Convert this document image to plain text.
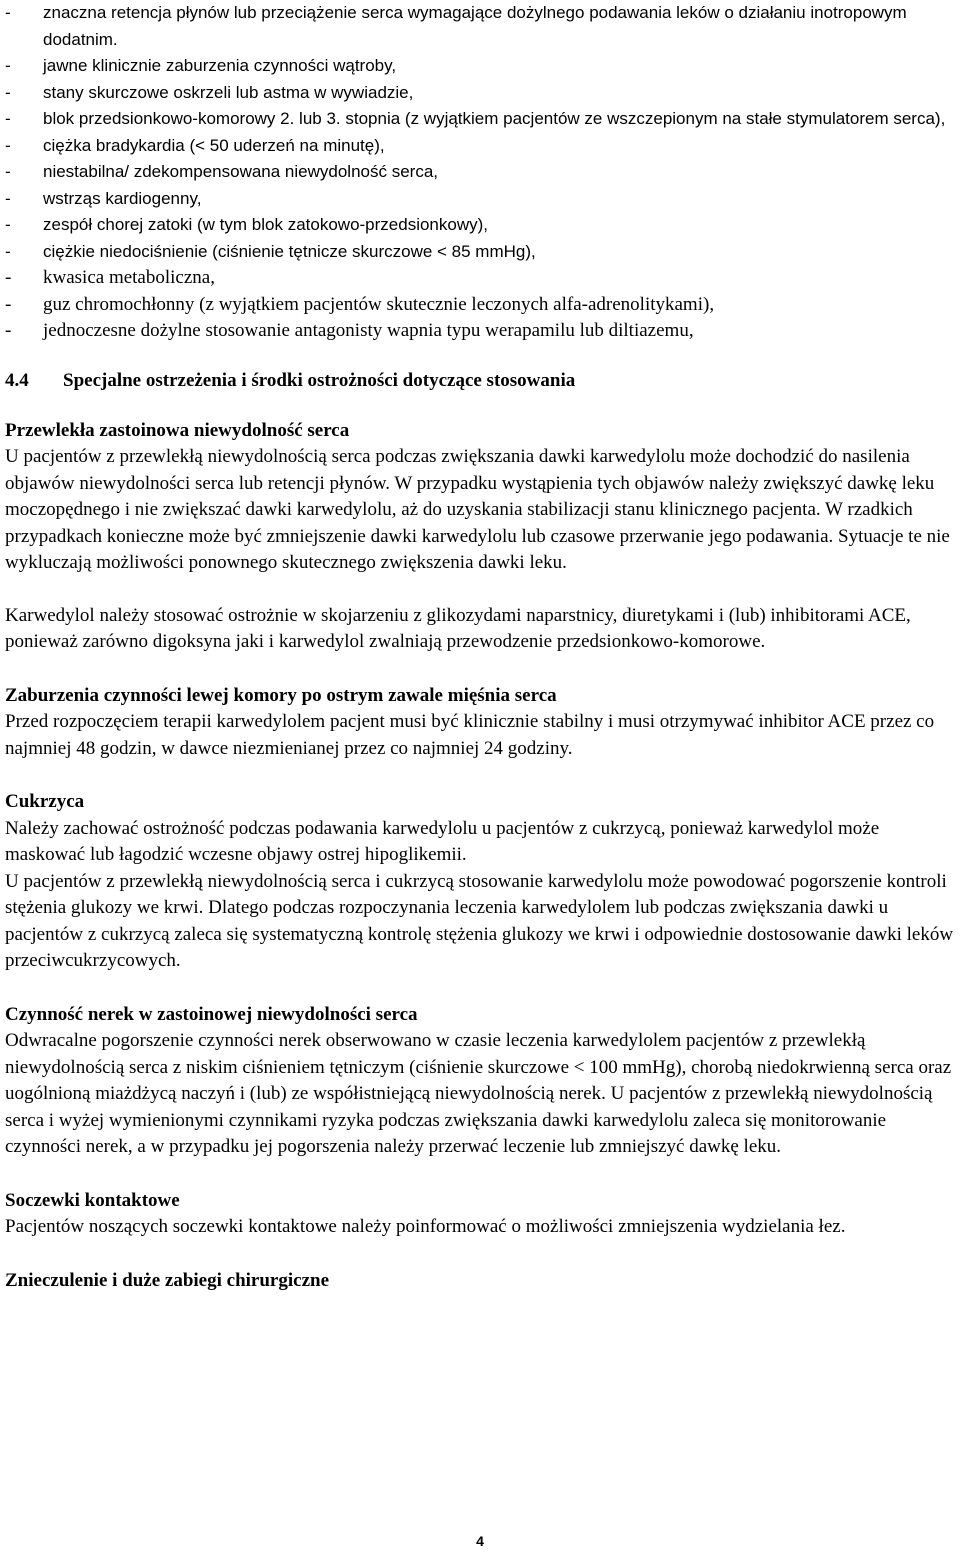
- znaczna retencja płynów lub przeciążenie serca wymagające dożylnego podawania leków o działaniu inotropowym dodatnim.
- jawne klinicznie zaburzenia czynności wątroby,
- stany skurczowe oskrzeli lub astma w wywiadzie,
- blok przedsionkowo-komorowy 2. lub 3. stopnia (z wyjątkiem pacjentów ze wszczepionym na stałe stymulatorem serca),
- ciężka bradykardia (< 50 uderzeń na minutę),
- niestabilna/ zdekompensowana niewydolność serca,
- wstrząs kardiogenny,
- zespół chorej zatoki (w tym blok zatokowo-przedsionkowy),
- ciężkie niedociśnienie (ciśnienie tętnicze skurczowe < 85 mmHg),
- kwasica metaboliczna,
- guz chromochłonny (z wyjątkiem pacjentów skutecznie leczonych alfa-adrenolitykami),
- jednoczesne dożylne stosowanie antagonisty wapnia typu werapamilu lub diltiazemu,
4.4 Specjalne ostrzeżenia i środki ostrożności dotyczące stosowania
Przewlekła zastoinowa niewydolność serca
U pacjentów z przewlekłą niewydolnością serca podczas zwiększania dawki karwedylolu może dochodzić do nasilenia objawów niewydolności serca lub retencji płynów. W przypadku wystąpienia tych objawów należy zwiększyć dawkę leku moczopędnego i nie zwiększać dawki karwedylolu, aż do uzyskania stabilizacji stanu klinicznego pacjenta. W rzadkich przypadkach konieczne może być zmniejszenie dawki karwedylolu lub czasowe przerwanie jego podawania. Sytuacje te nie wykluczają możliwości ponownego skutecznego zwiększenia dawki leku.
Karwedylol należy stosować ostrożnie w skojarzeniu z glikozydami naparstnicy, diuretykami i (lub) inhibitorami ACE, ponieważ zarówno digoksyna jaki i karwedylol zwalniają przewodzenie przedsionkowo-komorowe.
Zaburzenia czynności lewej komory po ostrym zawale mięśnia serca
Przed rozpoczęciem terapii karwedylolem pacjent musi być klinicznie stabilny i musi otrzymywać inhibitor ACE przez co najmniej 48 godzin, w dawce niezmienianej przez co najmniej 24 godziny.
Cukrzyca
Należy zachować ostrożność podczas podawania karwedylolu u pacjentów z cukrzycą, ponieważ karwedylol może maskować lub łagodzić wczesne objawy ostrej hipoglikemii.
U pacjentów z przewlekłą niewydolnością serca i cukrzycą stosowanie karwedylolu może powodować pogorszenie kontroli stężenia glukozy we krwi. Dlatego podczas rozpoczynania leczenia karwedylolem lub podczas zwiększania dawki u pacjentów z cukrzycą zaleca się systematyczną kontrolę stężenia glukozy we krwi i odpowiednie dostosowanie dawki leków przeciwcukrzycowych.
Czynność nerek w zastoinowej niewydolności serca
Odwracalne pogorszenie czynności nerek obserwowano w czasie leczenia karwedylolem pacjentów z przewlekłą niewydolnością serca z niskim ciśnieniem tętniczym (ciśnienie skurczowe < 100 mmHg), chorobą niedokrwienną serca oraz uogólnioną miażdżycą naczyń i (lub) ze współistniejącą niewydolnością nerek. U pacjentów z przewlekłą niewydolnością serca i wyżej wymienionymi czynnikami ryzyka podczas zwiększania dawki karwedylolu zaleca się monitorowanie czynności nerek, a w przypadku jej pogorszenia należy przerwać leczenie lub zmniejszyć dawkę leku.
Soczewki kontaktowe
Pacjentów noszących soczewki kontaktowe należy poinformować o możliwości zmniejszenia wydzielania łez.
Znieczulenie i duże zabiegi chirurgiczne
4
